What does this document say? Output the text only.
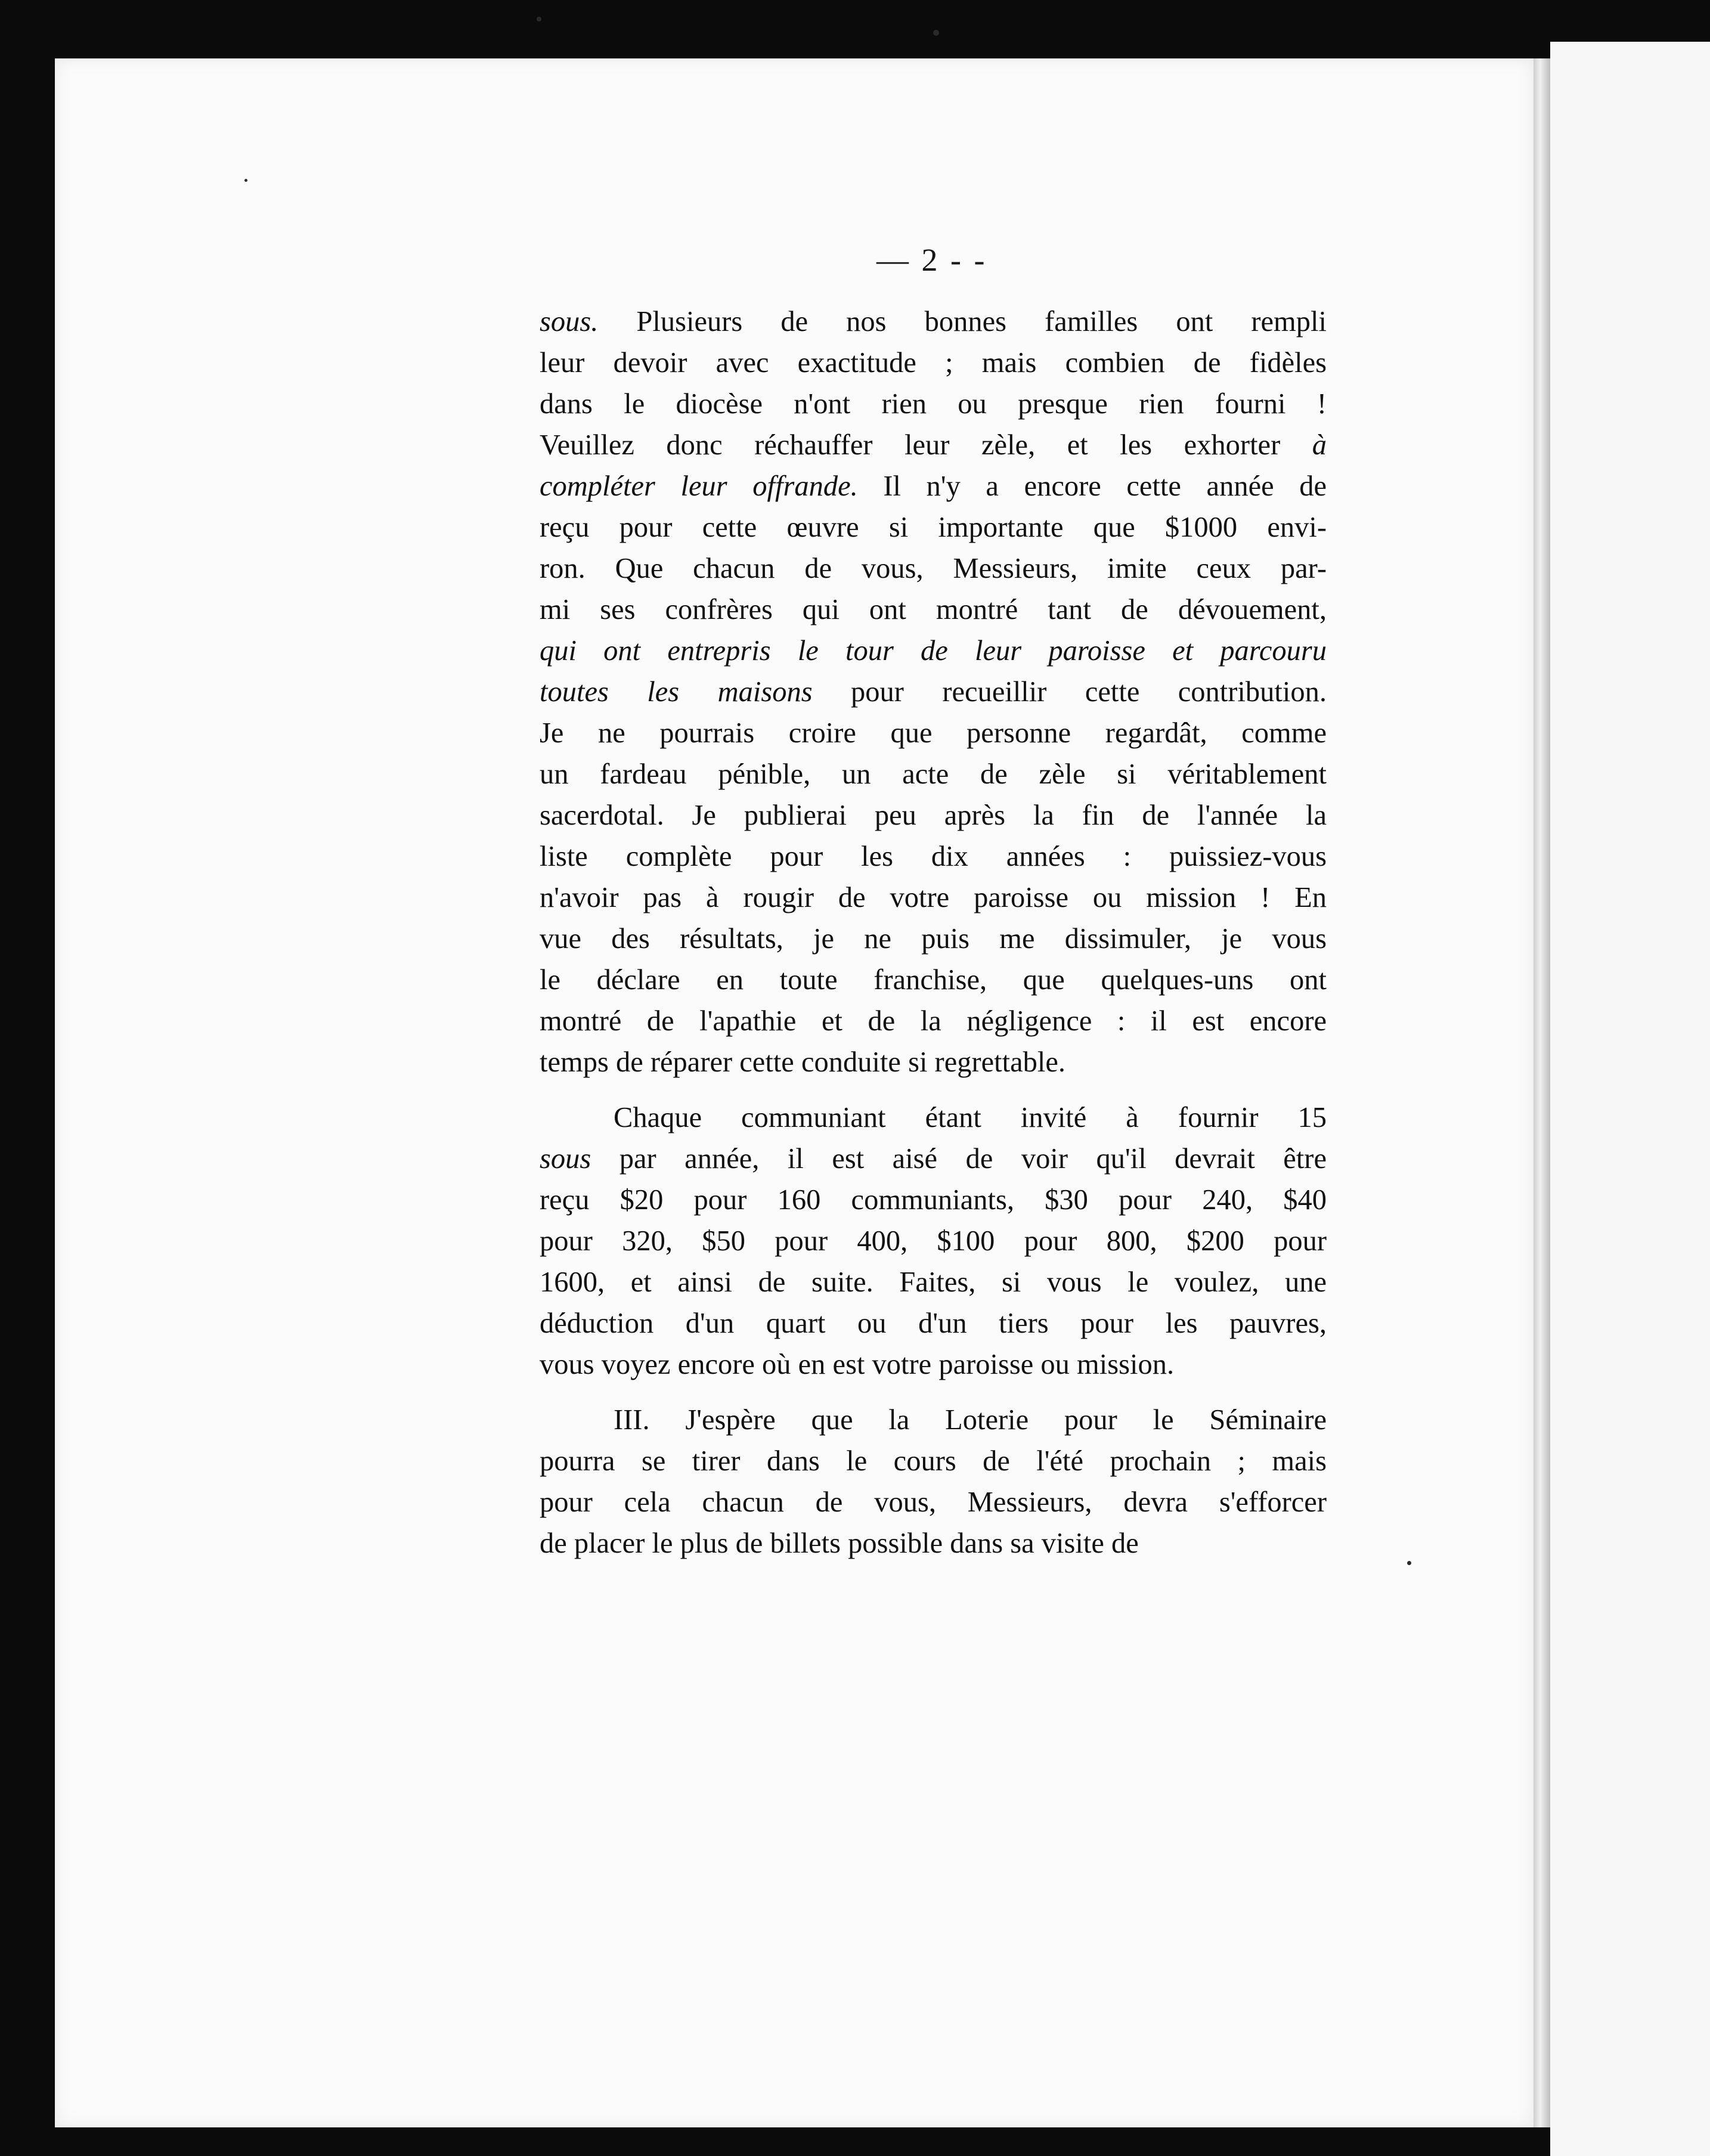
— 2 - -

sous. Plusieurs de nos bonnes familles ont rempli
leur devoir avec exactitude ; mais combien de fidèles
dans le diocèse n'ont rien ou presque rien fourni !
Veuillez donc réchauffer leur zèle, et les exhorter à
compléter leur offrande. Il n'y a encore cette année de
reçu pour cette œuvre si importante que $1000 envi-
ron. Que chacun de vous, Messieurs, imite ceux par-
mi ses confrères qui ont montré tant de dévouement,
qui ont entrepris le tour de leur paroisse et parcouru
toutes les maisons pour recueillir cette contribution.
Je ne pourrais croire que personne regardât, comme
un fardeau pénible, un acte de zèle si véritablement
sacerdotal. Je publierai peu après la fin de l'année la
liste complète pour les dix années : puissiez-vous
n'avoir pas à rougir de votre paroisse ou mission ! En
vue des résultats, je ne puis me dissimuler, je vous
le déclare en toute franchise, que quelques-uns ont
montré de l'apathie et de la négligence : il est encore
temps de réparer cette conduite si regrettable.

Chaque communiant étant invité à fournir 15
sous par année, il est aisé de voir qu'il devrait être
reçu $20 pour 160 communiants, $30 pour 240, $40
pour 320, $50 pour 400, $100 pour 800, $200 pour
1600, et ainsi de suite. Faites, si vous le voulez, une
déduction d'un quart ou d'un tiers pour les pauvres,
vous voyez encore où en est votre paroisse ou mission.

III. J'espère que la Loterie pour le Séminaire
pourra se tirer dans le cours de l'été prochain ; mais
pour cela chacun de vous, Messieurs, devra s'efforcer
de placer le plus de billets possible dans sa visite de
